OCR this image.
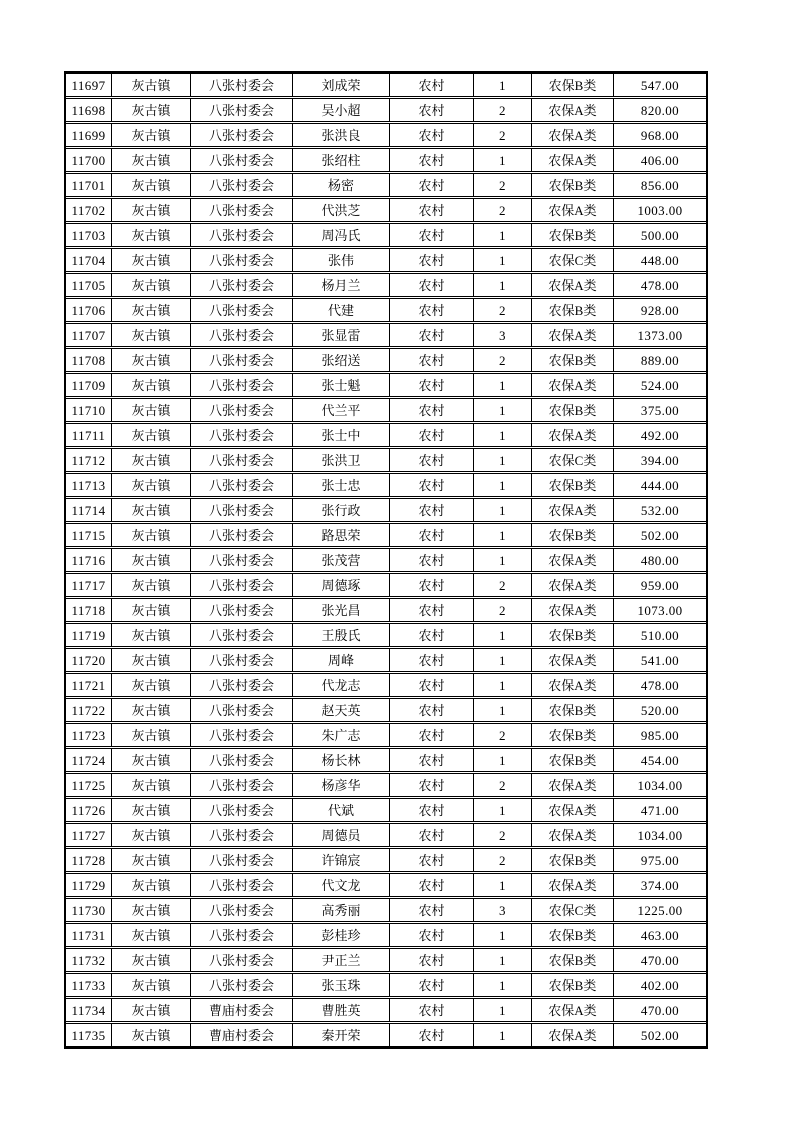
11697	灰古镇	八张村委会	刘成荣	农村	1	农保B类	547.00
11698	灰古镇	八张村委会	吴小超	农村	2	农保A类	820.00
11699	灰古镇	八张村委会	张洪良	农村	2	农保A类	968.00
11700	灰古镇	八张村委会	张绍柱	农村	1	农保A类	406.00
11701	灰古镇	八张村委会	杨密	农村	2	农保B类	856.00
11702	灰古镇	八张村委会	代洪芝	农村	2	农保A类	1003.00
11703	灰古镇	八张村委会	周冯氏	农村	1	农保B类	500.00
11704	灰古镇	八张村委会	张伟	农村	1	农保C类	448.00
11705	灰古镇	八张村委会	杨月兰	农村	1	农保A类	478.00
11706	灰古镇	八张村委会	代建	农村	2	农保B类	928.00
11707	灰古镇	八张村委会	张显雷	农村	3	农保A类	1373.00
11708	灰古镇	八张村委会	张绍送	农村	2	农保B类	889.00
11709	灰古镇	八张村委会	张士魁	农村	1	农保A类	524.00
11710	灰古镇	八张村委会	代兰平	农村	1	农保B类	375.00
11711	灰古镇	八张村委会	张士中	农村	1	农保A类	492.00
11712	灰古镇	八张村委会	张洪卫	农村	1	农保C类	394.00
11713	灰古镇	八张村委会	张士忠	农村	1	农保B类	444.00
11714	灰古镇	八张村委会	张行政	农村	1	农保A类	532.00
11715	灰古镇	八张村委会	路思荣	农村	1	农保B类	502.00
11716	灰古镇	八张村委会	张茂营	农村	1	农保A类	480.00
11717	灰古镇	八张村委会	周德琢	农村	2	农保A类	959.00
11718	灰古镇	八张村委会	张光昌	农村	2	农保A类	1073.00
11719	灰古镇	八张村委会	王殷氏	农村	1	农保B类	510.00
11720	灰古镇	八张村委会	周峰	农村	1	农保A类	541.00
11721	灰古镇	八张村委会	代龙志	农村	1	农保A类	478.00
11722	灰古镇	八张村委会	赵天英	农村	1	农保B类	520.00
11723	灰古镇	八张村委会	朱广志	农村	2	农保B类	985.00
11724	灰古镇	八张村委会	杨长林	农村	1	农保B类	454.00
11725	灰古镇	八张村委会	杨彦华	农村	2	农保A类	1034.00
11726	灰古镇	八张村委会	代斌	农村	1	农保A类	471.00
11727	灰古镇	八张村委会	周德员	农村	2	农保A类	1034.00
11728	灰古镇	八张村委会	许锦宸	农村	2	农保B类	975.00
11729	灰古镇	八张村委会	代文龙	农村	1	农保A类	374.00
11730	灰古镇	八张村委会	高秀丽	农村	3	农保C类	1225.00
11731	灰古镇	八张村委会	彭桂珍	农村	1	农保B类	463.00
11732	灰古镇	八张村委会	尹正兰	农村	1	农保B类	470.00
11733	灰古镇	八张村委会	张玉珠	农村	1	农保B类	402.00
11734	灰古镇	曹庙村委会	曹胜英	农村	1	农保A类	470.00
11735	灰古镇	曹庙村委会	秦开荣	农村	1	农保A类	502.00
